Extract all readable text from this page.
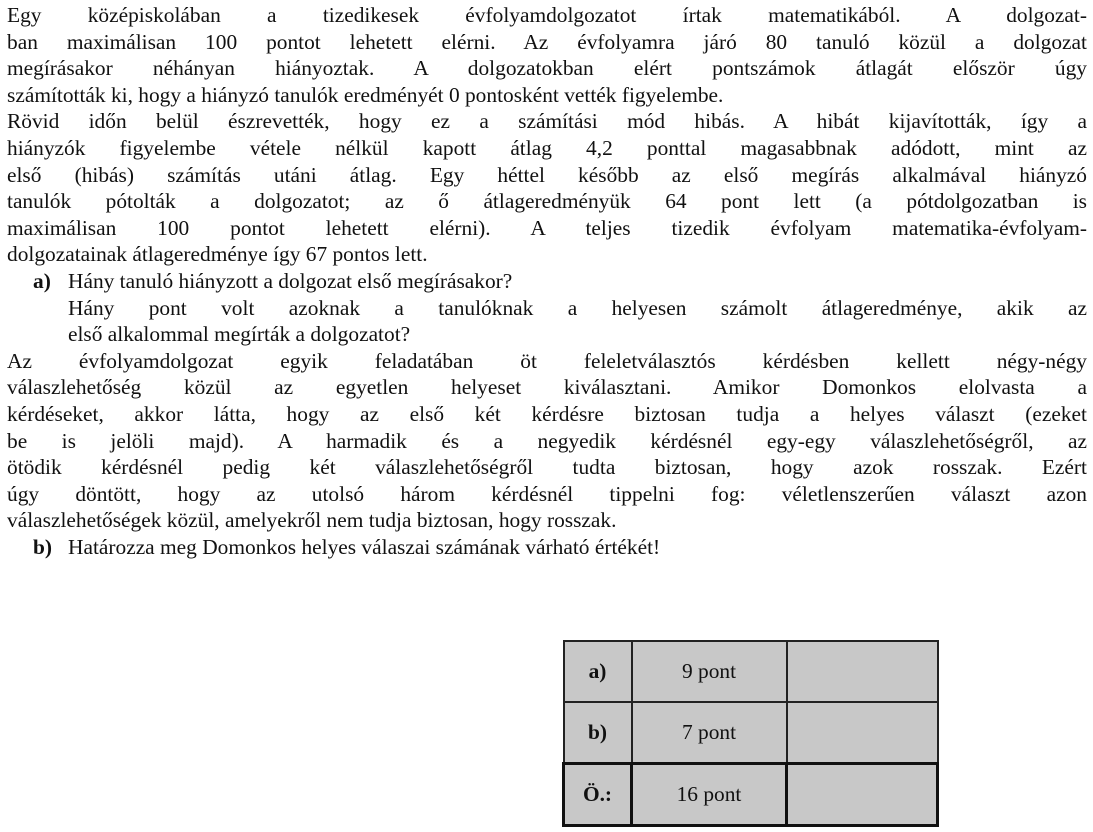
Egy középiskolában a tizedikesek évfolyamdolgozatot írtak matematikából. A dolgozat-
ban maximálisan 100 pontot lehetett elérni. Az évfolyamra járó 80 tanuló közül a dolgozat
megírásakor néhányan hiányoztak. A dolgozatokban elért pontszámok átlagát először úgy
számították ki, hogy a hiányzó tanulók eredményét 0 pontosként vették figyelembe.
Rövid időn belül észrevették, hogy ez a számítási mód hibás. A hibát kijavították, így a
hiányzók figyelembe vétele nélkül kapott átlag 4,2 ponttal magasabbnak adódott, mint az
első (hibás) számítás utáni átlag. Egy héttel később az első megírás alkalmával hiányzó
tanulók pótolták a dolgozatot; az ő átlageredményük 64 pont lett (a pótdolgozatban is
maximálisan 100 pontot lehetett elérni). A teljes tizedik évfolyam matematika-évfolyam-
dolgozatainak átlageredménye így 67 pontos lett.
a) Hány tanuló hiányzott a dolgozat első megírásakor?
Hány pont volt azoknak a tanulóknak a helyesen számolt átlageredménye, akik az
első alkalommal megírták a dolgozatot?
Az évfolyamdolgozat egyik feladatában öt feleletválasztós kérdésben kellett négy-négy
válaszlehetőség közül az egyetlen helyeset kiválasztani. Amikor Domonkos elolvasta a
kérdéseket, akkor látta, hogy az első két kérdésre biztosan tudja a helyes választ (ezeket
be is jelöli majd). A harmadik és a negyedik kérdésnél egy-egy válaszlehetőségről, az
ötödik kérdésnél pedig két válaszlehetőségről tudta biztosan, hogy azok rosszak. Ezért
úgy döntött, hogy az utolsó három kérdésnél tippelni fog: véletlenszerűen választ azon
válaszlehetőségek közül, amelyekről nem tudja biztosan, hogy rosszak.
b) Határozza meg Domonkos helyes válaszai számának várható értékét!
a)	9 pont	
b)	7 pont	
Ö.:	16 pont	
